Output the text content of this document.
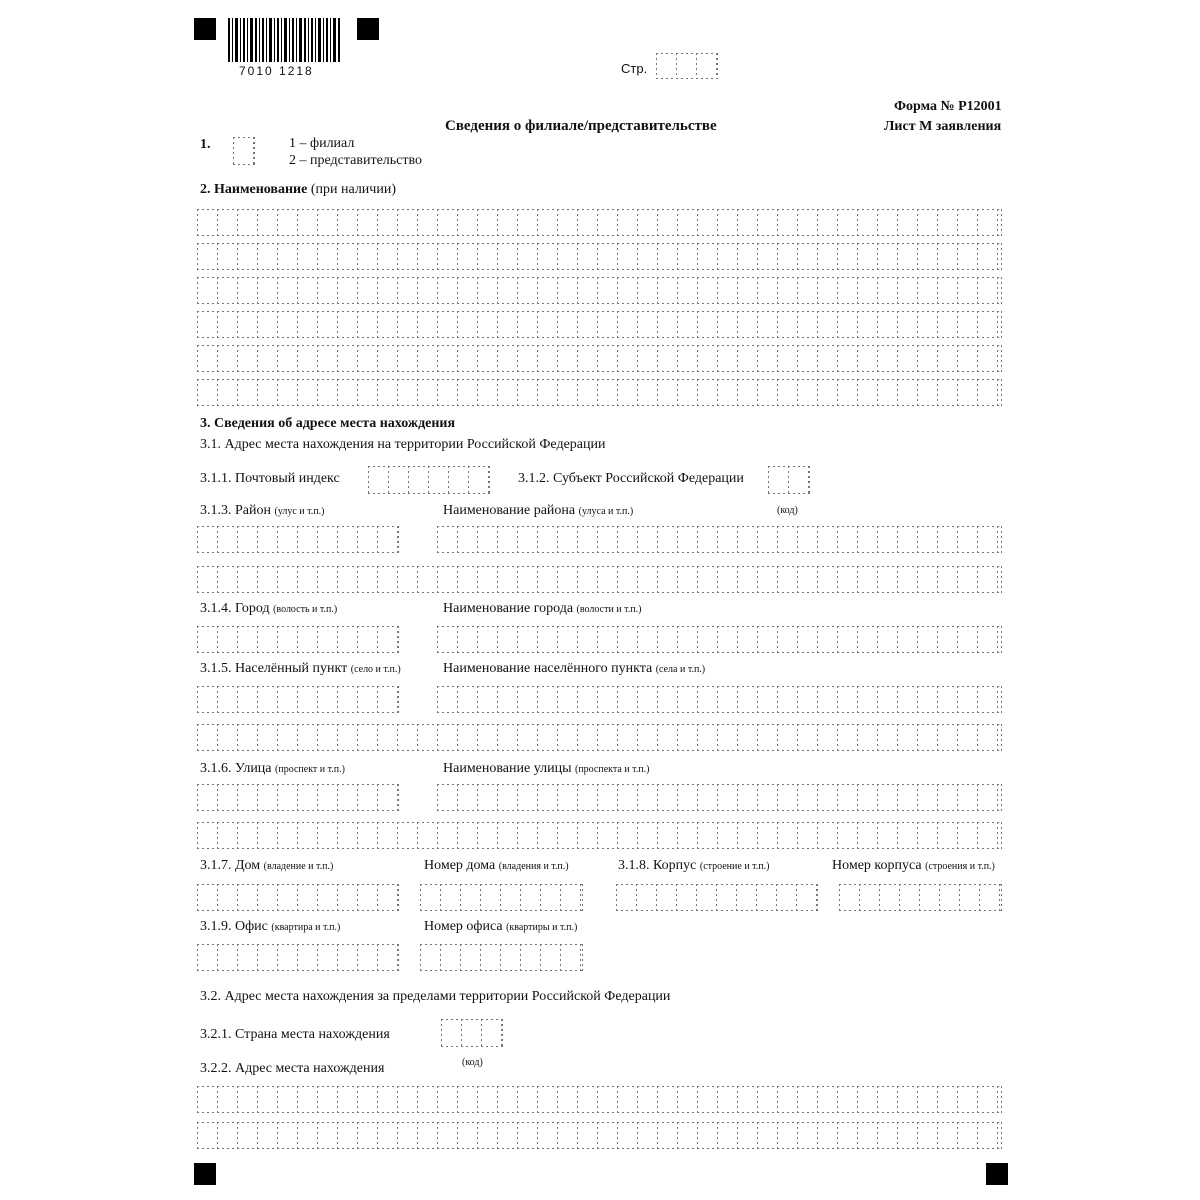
7010 1218	Стр.
Форма № Р12001
Лист М заявления
Сведения о филиале/представительстве
1.	1 – филиал
2 – представительство
2. Наименование (при наличии)
3. Сведения об адресе места нахождения
3.1. Адрес места нахождения на территории Российской Федерации
3.1.1. Почтовый индекс	3.1.2. Субъект Российской Федерации
(код)
3.1.3. Район (улус и т.п.)	Наименование района (улуса и т.п.)
3.1.4. Город (волость и т.п.)	Наименование города (волости и т.п.)
3.1.5. Населённый пункт (село и т.п.)	Наименование населённого пункта (села и т.п.)
3.1.6. Улица (проспект и т.п.)	Наименование улицы (проспекта и т.п.)
3.1.7. Дом (владение и т.п.)	Номер дома (владения и т.п.)	3.1.8. Корпус (строение и т.п.)	Номер корпуса (строения и т.п.)
3.1.9. Офис (квартира и т.п.)	Номер офиса (квартиры и т.п.)
3.2. Адрес места нахождения за пределами территории Российской Федерации
3.2.1. Страна места нахождения
(код)
3.2.2. Адрес места нахождения
